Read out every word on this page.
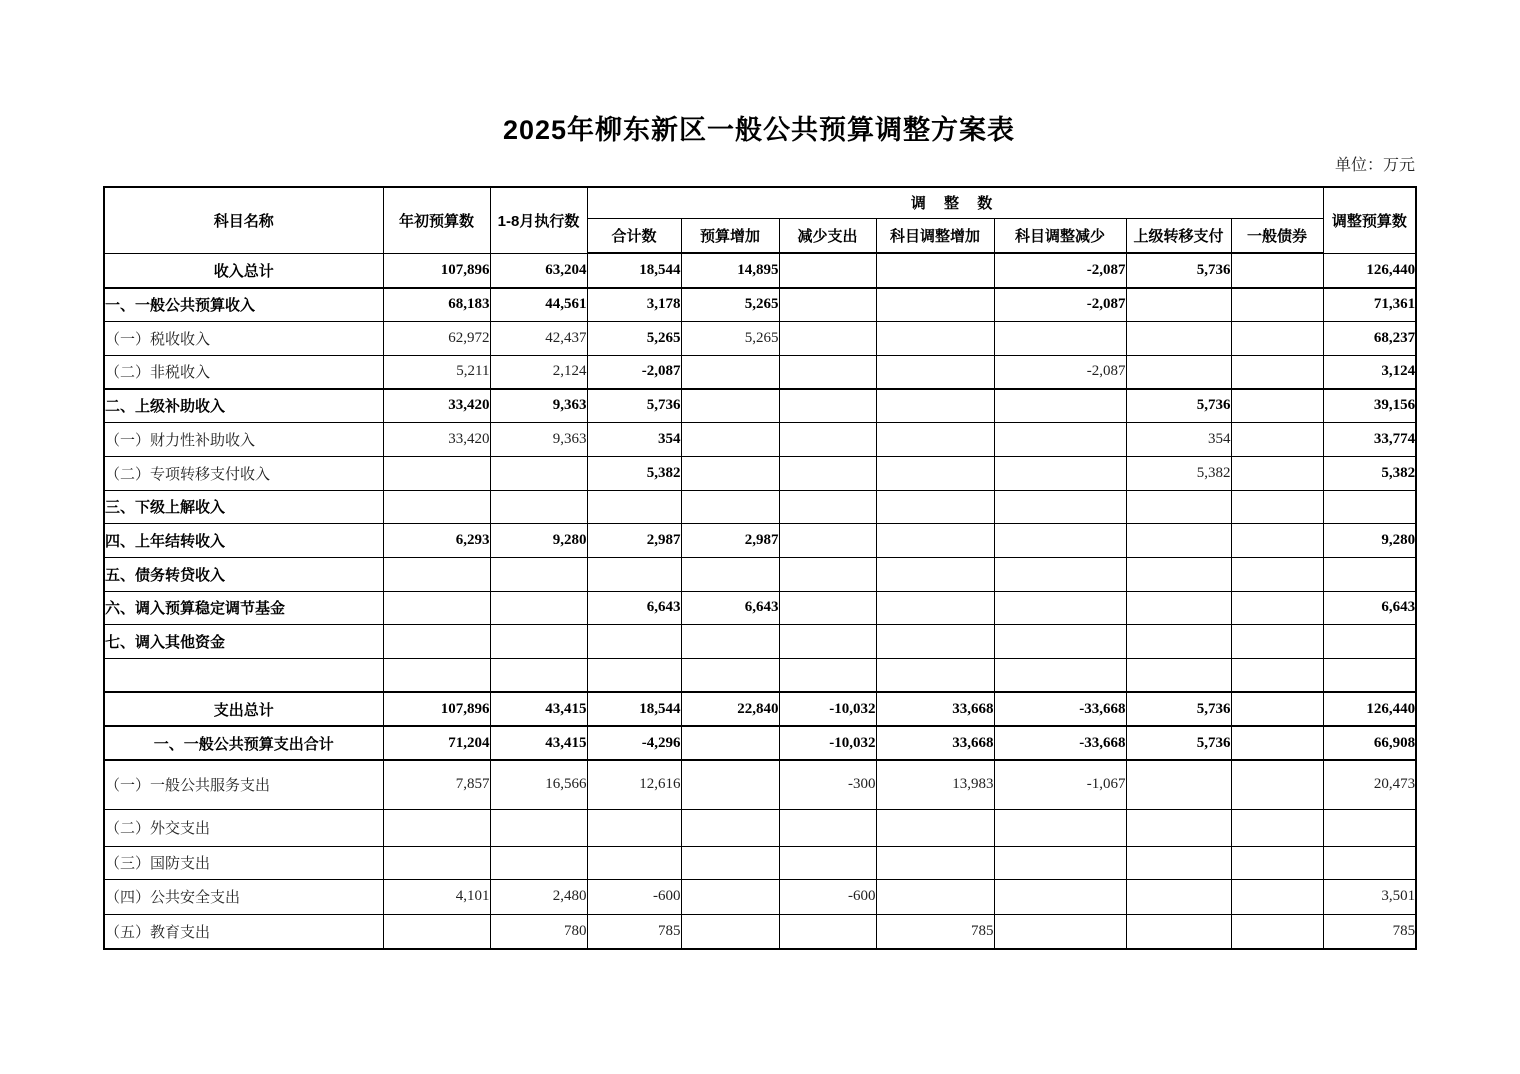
2025年柳东新区一般公共预算调整方案表
单位：万元
科目名称	年初预算数	1-8月执行数	调 整 数							调整预算数
			合计数	预算增加	减少支出	科目调整增加	科目调整减少	上级转移支付	一般债券	
收入总计	107,896	63,204	18,544	14,895			-2,087	5,736		126,440
一、一般公共预算收入	68,183	44,561	3,178	5,265			-2,087			71,361
（一）税收收入	62,972	42,437	5,265	5,265						68,237
（二）非税收入	5,211	2,124	-2,087				-2,087			3,124
二、上级补助收入	33,420	9,363	5,736					5,736		39,156
（一）财力性补助收入	33,420	9,363	354					354		33,774
（二）专项转移支付收入			5,382					5,382		5,382
三、下级上解收入										
四、上年结转收入	6,293	9,280	2,987	2,987						9,280
五、债务转贷收入										
六、调入预算稳定调节基金			6,643	6,643						6,643
七、调入其他资金										

支出总计	107,896	43,415	18,544	22,840	-10,032	33,668	-33,668	5,736		126,440
一、一般公共预算支出合计	71,204	43,415	-4,296		-10,032	33,668	-33,668	5,736		66,908
（一）一般公共服务支出	7,857	16,566	12,616		-300	13,983	-1,067			20,473
（二）外交支出										
（三）国防支出										
（四）公共安全支出	4,101	2,480	-600		-600					3,501
（五）教育支出		780	785			785				785
